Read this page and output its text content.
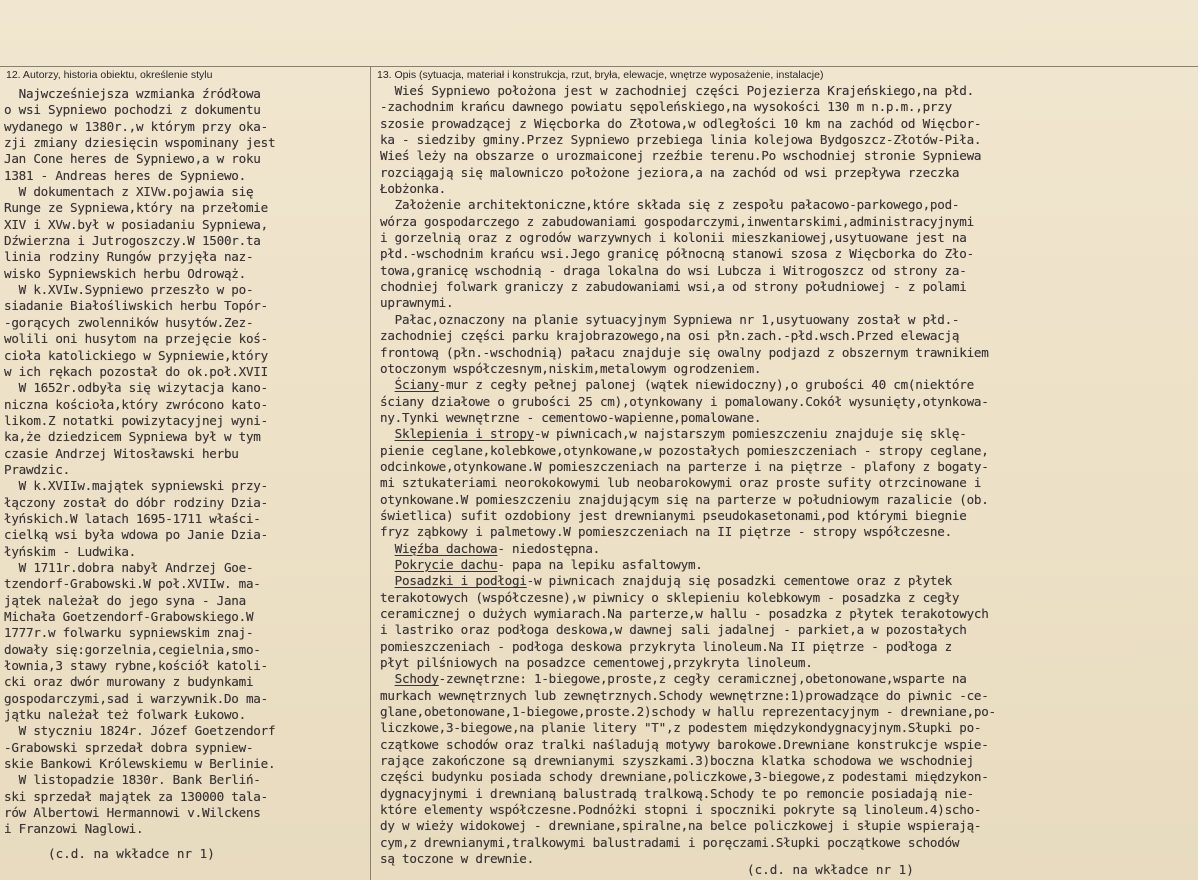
12. Autorzy, historia obiektu, określenie stylu	13. Opis (sytuacja, materiał i konstrukcja, rzut, bryła, elewacje, wnętrze wyposażenie, instalacje)
Najwcześniejsza wzmianka źródłowa
o wsi Sypniewo pochodzi z dokumentu
wydanego w 1380r.,w którym przy oka-
zji zmiany dziesięcin wspominany jest
Jan Cone heres de Sypniewo,a w roku
1381 - Andreas heres de Sypniewo.
W dokumentach z XIVw.pojawia się
Runge ze Sypniewa,który na przełomie
XIV i XVw.był w posiadaniu Sypniewa,
Dźwierzna i Jutrogoszczy.W 1500r.ta
linia rodziny Rungów przyjęła naz-
wisko Sypniewskich herbu Odrowąż.
W k.XVIw.Sypniewo przeszło w po-
siadanie Białośliwskich herbu Topór-
-gorących zwolenników husytów.Zez-
wolili oni husytom na przejęcie koś-
cioła katolickiego w Sypniewie,który
w ich rękach pozostał do ok.poł.XVII
W 1652r.odbyła się wizytacja kano-
niczna kościoła,który zwrócono kato-
likom.Z notatki powizytacyjnej wyni-
ka,że dziedzicem Sypniewa był w tym
czasie Andrzej Witosławski herbu
Prawdzic.
W k.XVIIw.majątek sypniewski przy-
łączony został do dóbr rodziny Dzia-
łyńskich.W latach 1695-1711 właści-
cielką wsi była wdowa po Janie Dzia-
łyńskim - Ludwika.
W 1711r.dobra nabył Andrzej Goe-
tzendorf-Grabowski.W poł.XVIIw. ma-
jątek należał do jego syna - Jana
Michała Goetzendorf-Grabowskiego.W
1777r.w folwarku sypniewskim znaj-
dowały się:gorzelnia,cegielnia,smo-
łownia,3 stawy rybne,kościół katoli-
cki oraz dwór murowany z budynkami
gospodarczymi,sad i warzywnik.Do ma-
jątku należał też folwark Łukowo.
W styczniu 1824r. Józef Goetzendorf
-Grabowski sprzedał dobra sypniew-
skie Bankowi Królewskiemu w Berlinie.
W listopadzie 1830r. Bank Berliń-
ski sprzedał majątek za 130000 tala-
rów Albertowi Hermannowi v.Wilckens
i Franzowi Naglowi.
Wieś Sypniewo położona jest w zachodniej części Pojezierza Krajeńskiego,na płd.
-zachodnim krańcu dawnego powiatu sępoleńskiego,na wysokości 130 m n.p.m.,przy
szosie prowadzącej z Więcborka do Złotowa,w odległości 10 km na zachód od Więcbor-
ka - siedziby gminy.Przez Sypniewo przebiega linia kolejowa Bydgoszcz-Złotów-Piła.
Wieś leży na obszarze o urozmaiconej rzeźbie terenu.Po wschodniej stronie Sypniewa
rozciągają się malowniczo położone jeziora,a na zachód od wsi przepływa rzeczka
Łobżonka.
Założenie architektoniczne,które składa się z zespołu pałacowo-parkowego,pod-
wórza gospodarczego z zabudowaniami gospodarczymi,inwentarskimi,administracyjnymi
i gorzelnią oraz z ogrodów warzywnych i kolonii mieszkaniowej,usytuowane jest na
płd.-wschodnim krańcu wsi.Jego granicę północną stanowi szosa z Więcborka do Zło-
towa,granicę wschodnią - draga lokalna do wsi Lubcza i Witrogoszcz od strony za-
chodniej folwark graniczy z zabudowaniami wsi,a od strony południowej - z polami
uprawnymi.
Pałac,oznaczony na planie sytuacyjnym Sypniewa nr 1,usytuowany został w płd.-
zachodniej części parku krajobrazowego,na osi płn.zach.-płd.wsch.Przed elewacją
frontową (płn.-wschodnią) pałacu znajduje się owalny podjazd z obszernym trawnikiem
otoczonym współczesnym,niskim,metalowym ogrodzeniem.
Ściany-mur z cegły pełnej palonej (wątek niewidoczny),o grubości 40 cm(niektóre
ściany działowe o grubości 25 cm),otynkowany i pomalowany.Cokół wysunięty,otynkowa-
ny.Tynki wewnętrzne - cementowo-wapienne,pomalowane.
Sklepienia i stropy-w piwnicach,w najstarszym pomieszczeniu znajduje się sklę-
pienie ceglane,kolebkowe,otynkowane,w pozostałych pomieszczeniach - stropy ceglane,
odcinkowe,otynkowane.W pomieszczeniach na parterze i na piętrze - plafony z bogaty-
mi sztukateriami neorokokowymi lub neobarokowymi oraz proste sufity otrzcinowane i
otynkowane.W pomieszczeniu znajdującym się na parterze w południowym razalicie (ob.
świetlica) sufit ozdobiony jest drewnianymi pseudokasetonami,pod którymi biegnie
fryz ząbkowy i palmetowy.W pomieszczeniach na II piętrze - stropy współczesne.
Więźba dachowa- niedostępna.
Pokrycie dachu- papa na lepiku asfaltowym.
Posadzki i podłogi-w piwnicach znajdują się posadzki cementowe oraz z płytek
terakotowych (współczesne),w piwnicy o sklepieniu kolebkowym - posadzka z cegły
ceramicznej o dużych wymiarach.Na parterze,w hallu - posadzka z płytek terakotowych
i lastriko oraz podłoga deskowa,w dawnej sali jadalnej - parkiet,a w pozostałych
pomieszczeniach - podłoga deskowa przykryta linoleum.Na II piętrze - podłoga z
płyt pilśniowych na posadzce cementowej,przykryta linoleum.
Schody-zewnętrzne: 1-biegowe,proste,z cegły ceramicznej,obetonowane,wsparte na
murkach wewnętrznych lub zewnętrznych.Schody wewnętrzne:1)prowadzące do piwnic -ce-
glane,obetonowane,1-biegowe,proste.2)schody w hallu reprezentacyjnym - drewniane,po-
liczkowe,3-biegowe,na planie litery "T",z podestem międzykondygnacyjnym.Słupki po-
czątkowe schodów oraz tralki naśladują motywy barokowe.Drewniane konstrukcje wspie-
rające zakończone są drewnianymi szyszkami.3)boczna klatka schodowa we wschodniej
części budynku posiada schody drewniane,policzkowe,3-biegowe,z podestami międzykon-
dygnacyjnymi i drewnianą balustradą tralkową.Schody te po remoncie posiadają nie-
które elementy współczesne.Podnóżki stopni i spoczniki pokryte są linoleum.4)scho-
dy w wieży widokowej - drewniane,spiralne,na belce policzkowej i słupie wspierają-
cym,z drewnianymi,tralkowymi balustradami i poręczami.Słupki początkowe schodów
są toczone w drewnie.
(c.d. na wkładce nr 1)
(c.d. na wkładce nr 1)
